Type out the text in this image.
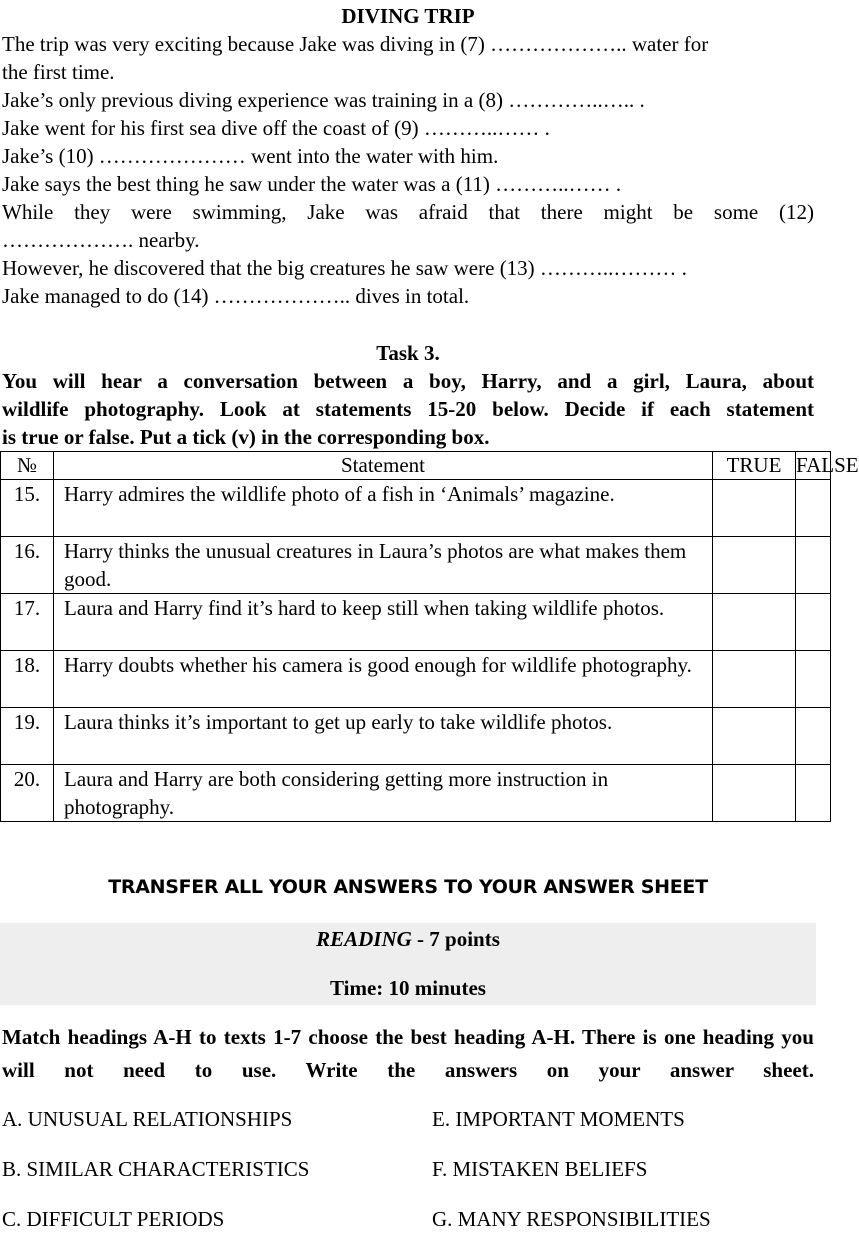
DIVING TRIP
The trip was very exciting because Jake was diving in (7) ……………….. water for
the first time.
Jake’s only previous diving experience was training in a (8) …………..….. .
Jake went for his first sea dive off the coast of (9) ………..…… .
Jake’s (10) ………………… went into the water with him.
Jake says the best thing he saw under the water was a (11) ………..…… .
While they were swimming, Jake was afraid that there might be some (12)
………………. nearby.
However, he discovered that the big creatures he saw were (13) ………..……… .
Jake managed to do (14) ……………….. dives in total.
Task 3.
You will hear a conversation between a boy, Harry, and a girl, Laura, about
wildlife photography. Look at statements 15-20 below. Decide if each statement
is true or false. Put a tick (v) in the corresponding box.
№	Statement	TRUE	FALSE
15.	Harry admires the wildlife photo of a fish in ‘Animals’ magazine.		
16.	Harry thinks the unusual creatures in Laura’s photos are what makes them good.		
17.	Laura and Harry find it’s hard to keep still when taking wildlife photos.		
18.	Harry doubts whether his camera is good enough for wildlife photography.		
19.	Laura thinks it’s important to get up early to take wildlife photos.		
20.	Laura and Harry are both considering getting more instruction in photography.		
TRANSFER ALL YOUR ANSWERS TO YOUR ANSWER SHEET
READING - 7 points
Time: 10 minutes
Match headings A-H to texts 1-7 choose the best heading A-H. There is one heading you will not need to use. Write the answers on your answer sheet.
A. UNUSUAL RELATIONSHIPS	E. IMPORTANT MOMENTS
B. SIMILAR CHARACTERISTICS	F. MISTAKEN BELIEFS
C. DIFFICULT PERIODS	G. MANY RESPONSIBILITIES
